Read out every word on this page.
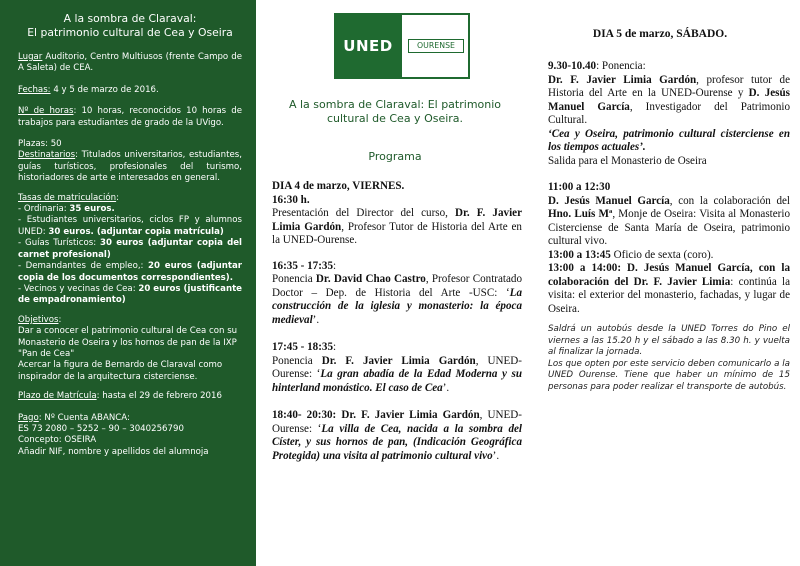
A la sombra de Claraval:
El patrimonio cultural de Cea y Oseira

Lugar Auditorio, Centro Multiusos (frente Campo de A Saleta) de CEA.

Fechas: 4 y 5 de marzo de 2016.

Nº de horas: 10 horas, reconocidos 10 horas de trabajos para estudiantes de grado de la UVigo.

Plazas: 50
Destinatarios: Titulados universitarios, estudiantes, guías turísticos, profesionales del turismo, historiadores de arte e interesados en general.

Tasas de matriculación:
- Ordinaria: 35 euros.
- Estudiantes universitarios, ciclos FP y alumnos UNED: 30 euros. (adjuntar copia matrícula)
- Guías Turísticos: 30 euros (adjuntar copia del carnet profesional)
- Demandantes de empleo,: 20 euros (adjuntar copia de los documentos correspondientes).
- Vecinos y vecinas de Cea: 20 euros (justificante de empadronamiento)

Objetivos:
Dar a conocer el patrimonio cultural de Cea con su Monasterio de Oseira y los hornos de pan de la IXP "Pan de Cea"
Acercar la figura de Bernardo de Claraval como inspirador de la arquitectura cisterciense.

Plazo de Matrícula: hasta el 29 de febrero 2016

Pago: Nº Cuenta ABANCA:
ES 73 2080 – 5252 – 90 – 3040256790
Concepto: OSEIRA
Añadir NIF, nombre y apellidos del alumnoja

UNED	OURENSE
A la sombra de Claraval: El patrimonio
cultural de Cea y Oseira.
Programa

DIA 4 de marzo, VIERNES.
16:30 h.
Presentación del Director del curso, Dr. F. Javier Limia Gardón, Profesor Tutor de Historia del Arte en la UNED-Ourense.

16:35 - 17:35:
Ponencia Dr. David Chao Castro, Profesor Contratado Doctor – Dep. de Historia del Arte -USC: ‘La construcción de la iglesia y monasterio: la época medieval’.

17:45 - 18:35:
Ponencia Dr. F. Javier Limia Gardón, UNED-Ourense: ‘La gran abadía de la Edad Moderna y su hinterland monástico. El caso de Cea’.

18:40- 20:30: Dr. F. Javier Limia Gardón, UNED-Ourense: ‘La villa de Cea, nacida a la sombra del Císter, y sus hornos de pan, (Indicación Geográfica Protegida) una visita al patrimonio cultural vivo’.

DIA 5 de marzo, SÁBADO.

9.30-10.40: Ponencia:
Dr. F. Javier Limia Gardón, profesor tutor de Historia del Arte en la UNED-Ourense y D. Jesús Manuel García, Investigador del Patrimonio Cultural.
‘Cea y Oseira, patrimonio cultural cisterciense en los tiempos actuales’.
Salida para el Monasterio de Oseira

11:00 a 12:30
D. Jesús Manuel García, con la colaboración del Hno. Luís Mª, Monje de Oseira: Visita al Monasterio Cisterciense de Santa María de Oseira, patrimonio cultural vivo.
13:00 a 13:45 Oficio de sexta (coro).
13:00 a 14:00: D. Jesús Manuel García, con la colaboración del Dr. F. Javier Limia: continúa la visita: el exterior del monasterio, fachadas, y lugar de Oseira.

Saldrá un autobús desde la UNED Torres do Pino el viernes a las 15.20 h y el sábado a las 8.30 h. y vuelta al finalizar la jornada.

Los que opten por este servicio deben comunicarlo a la UNED Ourense. Tiene que haber un mínimo de 15 personas para poder realizar el transporte de autobús.
